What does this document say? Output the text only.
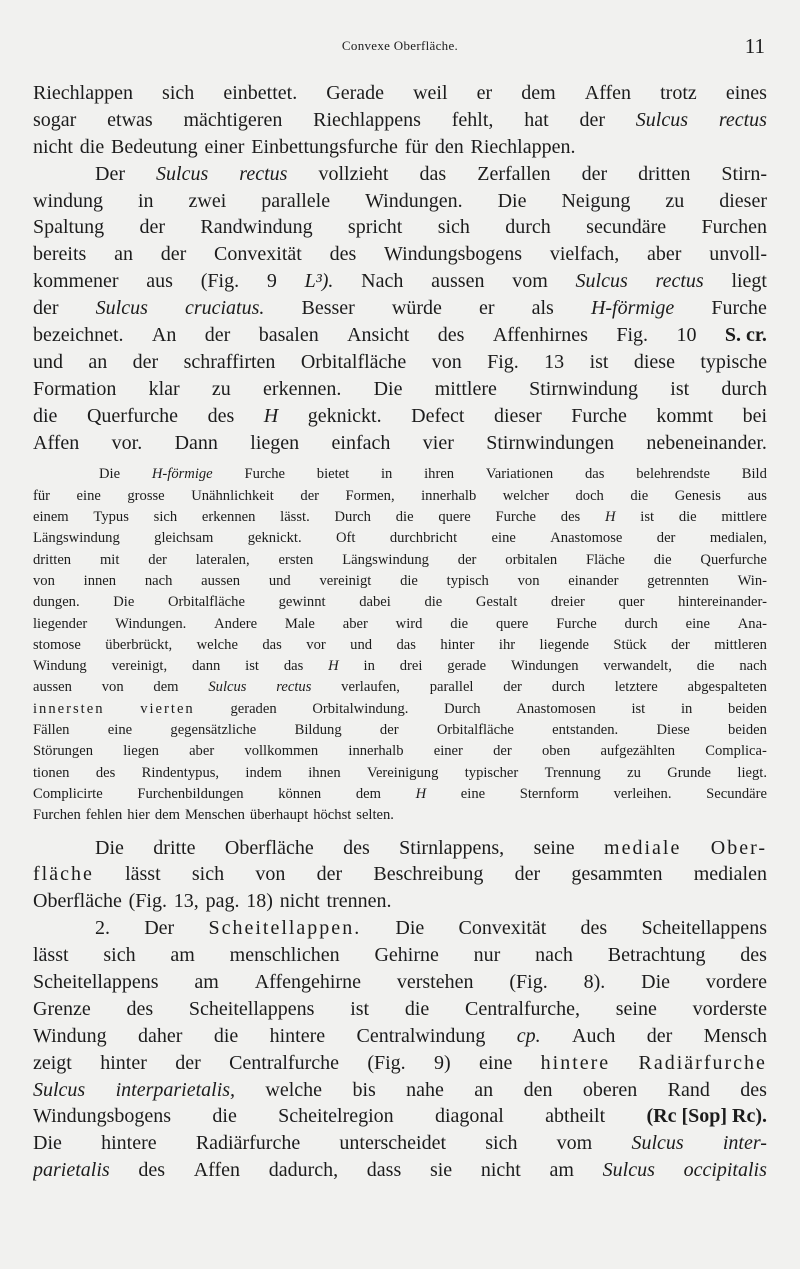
Convexe Oberfläche.	11
Riechlappen sich einbettet. Gerade weil er dem Affen trotz eines
sogar etwas mächtigeren Riechlappens fehlt, hat der Sulcus rectus
nicht die Bedeutung einer Einbettungsfurche für den Riechlappen.
Der Sulcus rectus vollzieht das Zerfallen der dritten Stirn-
windung in zwei parallele Windungen. Die Neigung zu dieser
Spaltung der Randwindung spricht sich durch secundäre Furchen
bereits an der Convexität des Windungsbogens vielfach, aber unvoll-
kommener aus (Fig. 9 L³). Nach aussen vom Sulcus rectus liegt
der Sulcus cruciatus. Besser würde er als H-förmige Furche
bezeichnet. An der basalen Ansicht des Affenhirnes Fig. 10 S. cr.
und an der schraffirten Orbitalfläche von Fig. 13 ist diese typische
Formation klar zu erkennen. Die mittlere Stirnwindung ist durch
die Querfurche des H geknickt. Defect dieser Furche kommt bei
Affen vor. Dann liegen einfach vier Stirnwindungen nebeneinander.
Die H-förmige Furche bietet in ihren Variationen das belehrendste Bild
für eine grosse Unähnlichkeit der Formen, innerhalb welcher doch die Genesis aus
einem Typus sich erkennen lässt. Durch die quere Furche des H ist die mittlere
Längswindung gleichsam geknickt. Oft durchbricht eine Anastomose der medialen,
dritten mit der lateralen, ersten Längswindung der orbitalen Fläche die Querfurche
von innen nach aussen und vereinigt die typisch von einander getrennten Win-
dungen. Die Orbitalfläche gewinnt dabei die Gestalt dreier quer hintereinander-
liegender Windungen. Andere Male aber wird die quere Furche durch eine Ana-
stomose überbrückt, welche das vor und das hinter ihr liegende Stück der mittleren
Windung vereinigt, dann ist das H in drei gerade Windungen verwandelt, die nach
aussen von dem Sulcus rectus verlaufen, parallel der durch letztere abgespalteten
innersten vierten geraden Orbitalwindung. Durch Anastomosen ist in beiden
Fällen	eine	gegensätzliche	Bildung	der	Orbitalfläche	entstanden.	Diese	beiden
Störungen liegen aber vollkommen innerhalb einer der oben aufgezählten Complica-
tionen des Rindentypus, indem ihnen Vereinigung typischer Trennung zu Grunde liegt.
Complicirte Furchenbildungen können dem H eine Sternform verleihen. Secundäre
Furchen fehlen hier dem Menschen überhaupt höchst selten.
Die dritte Oberfläche des Stirnlappens, seine mediale Ober-
fläche lässt sich von der Beschreibung der gesammten medialen
Oberfläche (Fig. 13, pag. 18) nicht trennen.
2. Der Scheitellappen. Die Convexität des Scheitellappens
lässt sich am menschlichen Gehirne nur nach Betrachtung des
Scheitellappens am Affengehirne verstehen (Fig. 8). Die vordere
Grenze des Scheitellappens ist die Centralfurche, seine vorderste
Windung daher die hintere Centralwindung cp. Auch der Mensch
zeigt hinter der Centralfurche (Fig. 9) eine hintere Radiärfurche
Sulcus interparietalis, welche bis nahe an den oberen Rand des
Windungsbogens die Scheitelregion diagonal abtheilt (Rc [Sop] Rc).
Die hintere Radiärfurche unterscheidet sich vom Sulcus inter-
parietalis des Affen dadurch, dass sie nicht am Sulcus occipitalis
